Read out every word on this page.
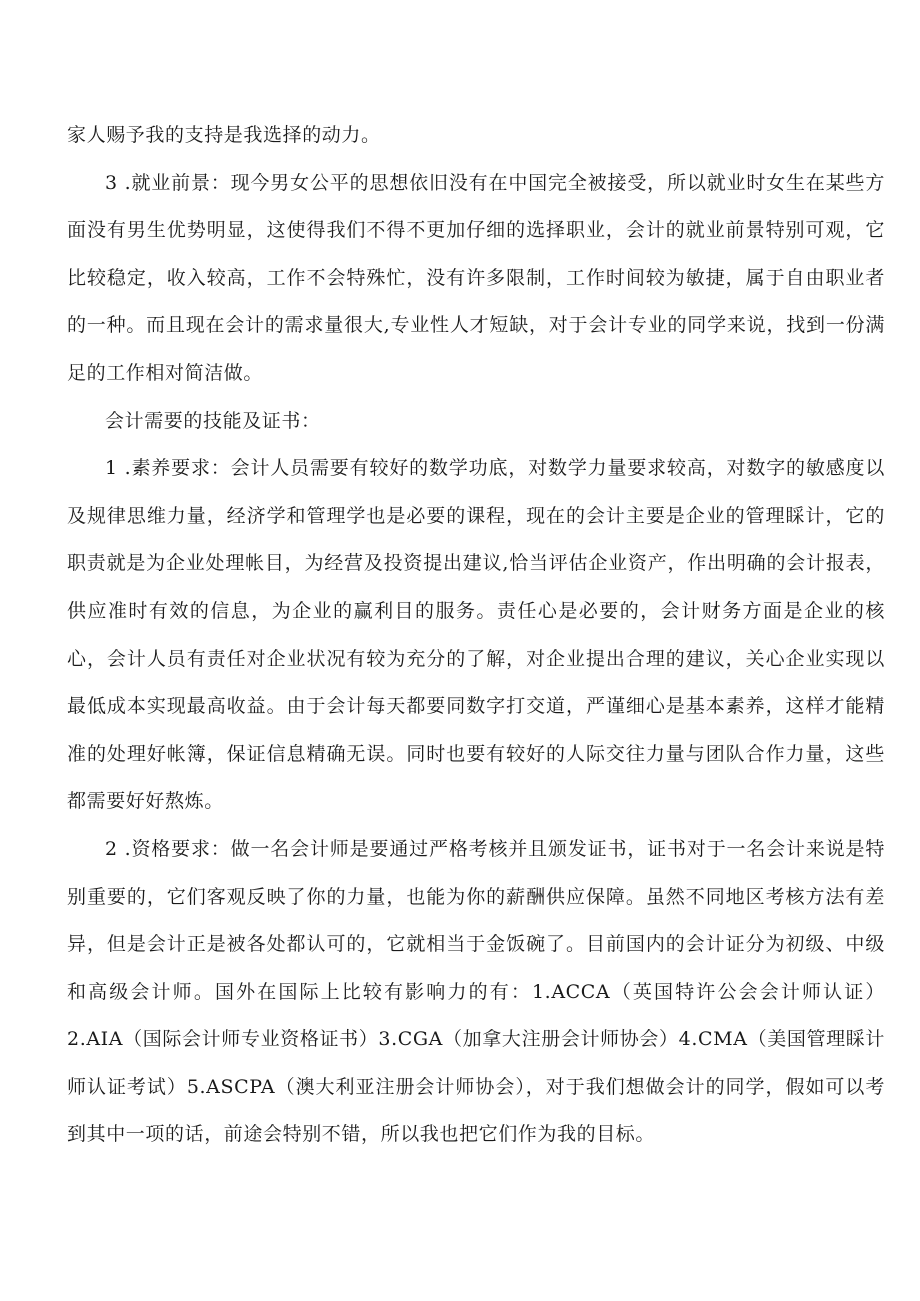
家人赐予我的支持是我选择的动力。

3 .就业前景：现今男女公平的思想依旧没有在中国完全被接受，所以就业时女生在某些方面没有男生优势明显，这使得我们不得不更加仔细的选择职业，会计的就业前景特别可观，它比较稳定，收入较高，工作不会特殊忙，没有许多限制，工作时间较为敏捷，属于自由职业者的一种。而且现在会计的需求量很大,专业性人才短缺，对于会计专业的同学来说，找到一份满足的工作相对简洁做。

会计需要的技能及证书：

1 .素养要求：会计人员需要有较好的数学功底，对数学力量要求较高，对数字的敏感度以及规律思维力量，经济学和管理学也是必要的课程，现在的会计主要是企业的管理睬计，它的职责就是为企业处理帐目，为经营及投资提出建议,恰当评估企业资产，作出明确的会计报表，供应准时有效的信息，为企业的赢利目的服务。责任心是必要的，会计财务方面是企业的核心，会计人员有责任对企业状况有较为充分的了解，对企业提出合理的建议，关心企业实现以最低成本实现最高收益。由于会计每天都要同数字打交道，严谨细心是基本素养，这样才能精准的处理好帐簿，保证信息精确无误。同时也要有较好的人际交往力量与团队合作力量，这些都需要好好熬炼。

2 .资格要求：做一名会计师是要通过严格考核并且颁发证书，证书对于一名会计来说是特别重要的，它们客观反映了你的力量，也能为你的薪酬供应保障。虽然不同地区考核方法有差异，但是会计正是被各处都认可的，它就相当于金饭碗了。目前国内的会计证分为初级、中级和高级会计师。国外在国际上比较有影响力的有：1.ACCA（英国特许公会会计师认证）2.AIA（国际会计师专业资格证书）3.CGA（加拿大注册会计师协会）4.CMA（美国管理睬计师认证考试）5.ASCPA（澳大利亚注册会计师协会），对于我们想做会计的同学，假如可以考到其中一项的话，前途会特别不错，所以我也把它们作为我的目标。
